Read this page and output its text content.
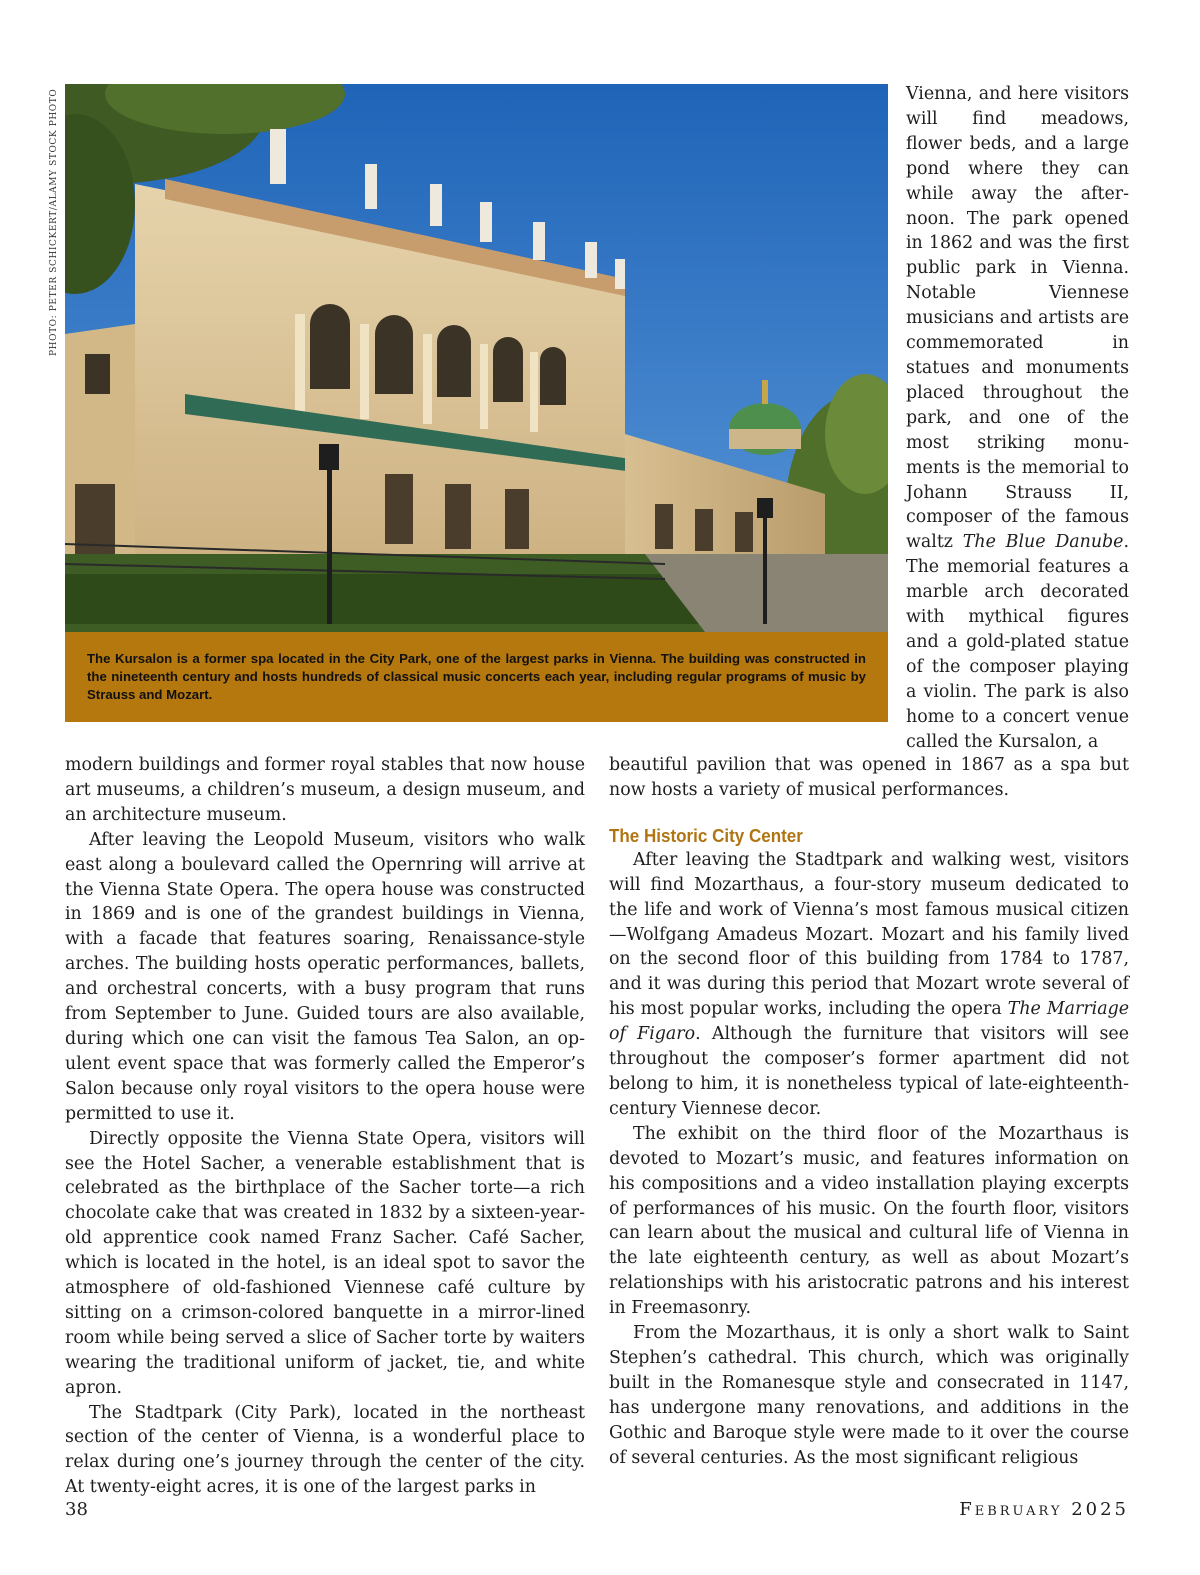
PHOTO: PETER SCHICKERT/ALAMY STOCK PHOTO
The Kursalon is a former spa located in the City Park, one of the largest parks in Vienna. The building was constructed in the nineteenth century and hosts hundreds of classical music concerts each year, including regular programs of music by Strauss and Mozart.

Vienna, and here visitors will find meadows, flower beds, and a large pond where they can while away the afternoon. The park opened in 1862 and was the first public park in Vienna. Notable Viennese musicians and artists are commemorated in statues and monuments placed throughout the park, and one of the most striking monuments is the memorial to Johann Strauss II, composer of the famous waltz The Blue Danube. The memorial features a marble arch decorated with mythical figures and a gold-plated statue of the composer playing a violin. The park is also home to a concert venue called the Kursalon, a

modern buildings and former royal stables that now house art museums, a children’s museum, a design museum, and an architecture museum.

After leaving the Leopold Museum, visitors who walk east along a boulevard called the Opernring will arrive at the Vienna State Opera. The opera house was constructed in 1869 and is one of the grandest buildings in Vienna, with a facade that features soaring, Renaissance-style arches. The building hosts operatic performances, ballets, and orchestral concerts, with a busy program that runs from September to June. Guided tours are also available, during which one can visit the famous Tea Salon, an opulent event space that was formerly called the Emperor’s Salon because only royal visitors to the opera house were permitted to use it.

Directly opposite the Vienna State Opera, visitors will see the Hotel Sacher, a venerable establishment that is celebrated as the birthplace of the Sacher torte—a rich chocolate cake that was created in 1832 by a sixteen-year-old apprentice cook named Franz Sacher. Café Sacher, which is located in the hotel, is an ideal spot to savor the atmosphere of old-fashioned Viennese café culture by sitting on a crimson-colored banquette in a mirror-lined room while being served a slice of Sacher torte by waiters wearing the traditional uniform of jacket, tie, and white apron.

The Stadtpark (City Park), located in the northeast section of the center of Vienna, is a wonderful place to relax during one’s journey through the center of the city. At twenty-eight acres, it is one of the largest parks in

beautiful pavilion that was opened in 1867 as a spa but now hosts a variety of musical performances.

The Historic City Center

After leaving the Stadtpark and walking west, visitors will find Mozarthaus, a four-story museum dedicated to the life and work of Vienna’s most famous musical citizen—Wolfgang Amadeus Mozart. Mozart and his family lived on the second floor of this building from 1784 to 1787, and it was during this period that Mozart wrote several of his most popular works, including the opera The Marriage of Figaro. Although the furniture that visitors will see throughout the composer’s former apartment did not belong to him, it is nonetheless typical of late-eighteenth-century Viennese decor.

The exhibit on the third floor of the Mozarthaus is devoted to Mozart’s music, and features information on his compositions and a video installation playing excerpts of performances of his music. On the fourth floor, visitors can learn about the musical and cultural life of Vienna in the late eighteenth century, as well as about Mozart’s relationships with his aristocratic patrons and his interest in Freemasonry.

From the Mozarthaus, it is only a short walk to Saint Stephen’s cathedral. This church, which was originally built in the Romanesque style and consecrated in 1147, has undergone many renovations, and additions in the Gothic and Baroque style were made to it over the course of several centuries. As the most significant religious

38	February 2025
